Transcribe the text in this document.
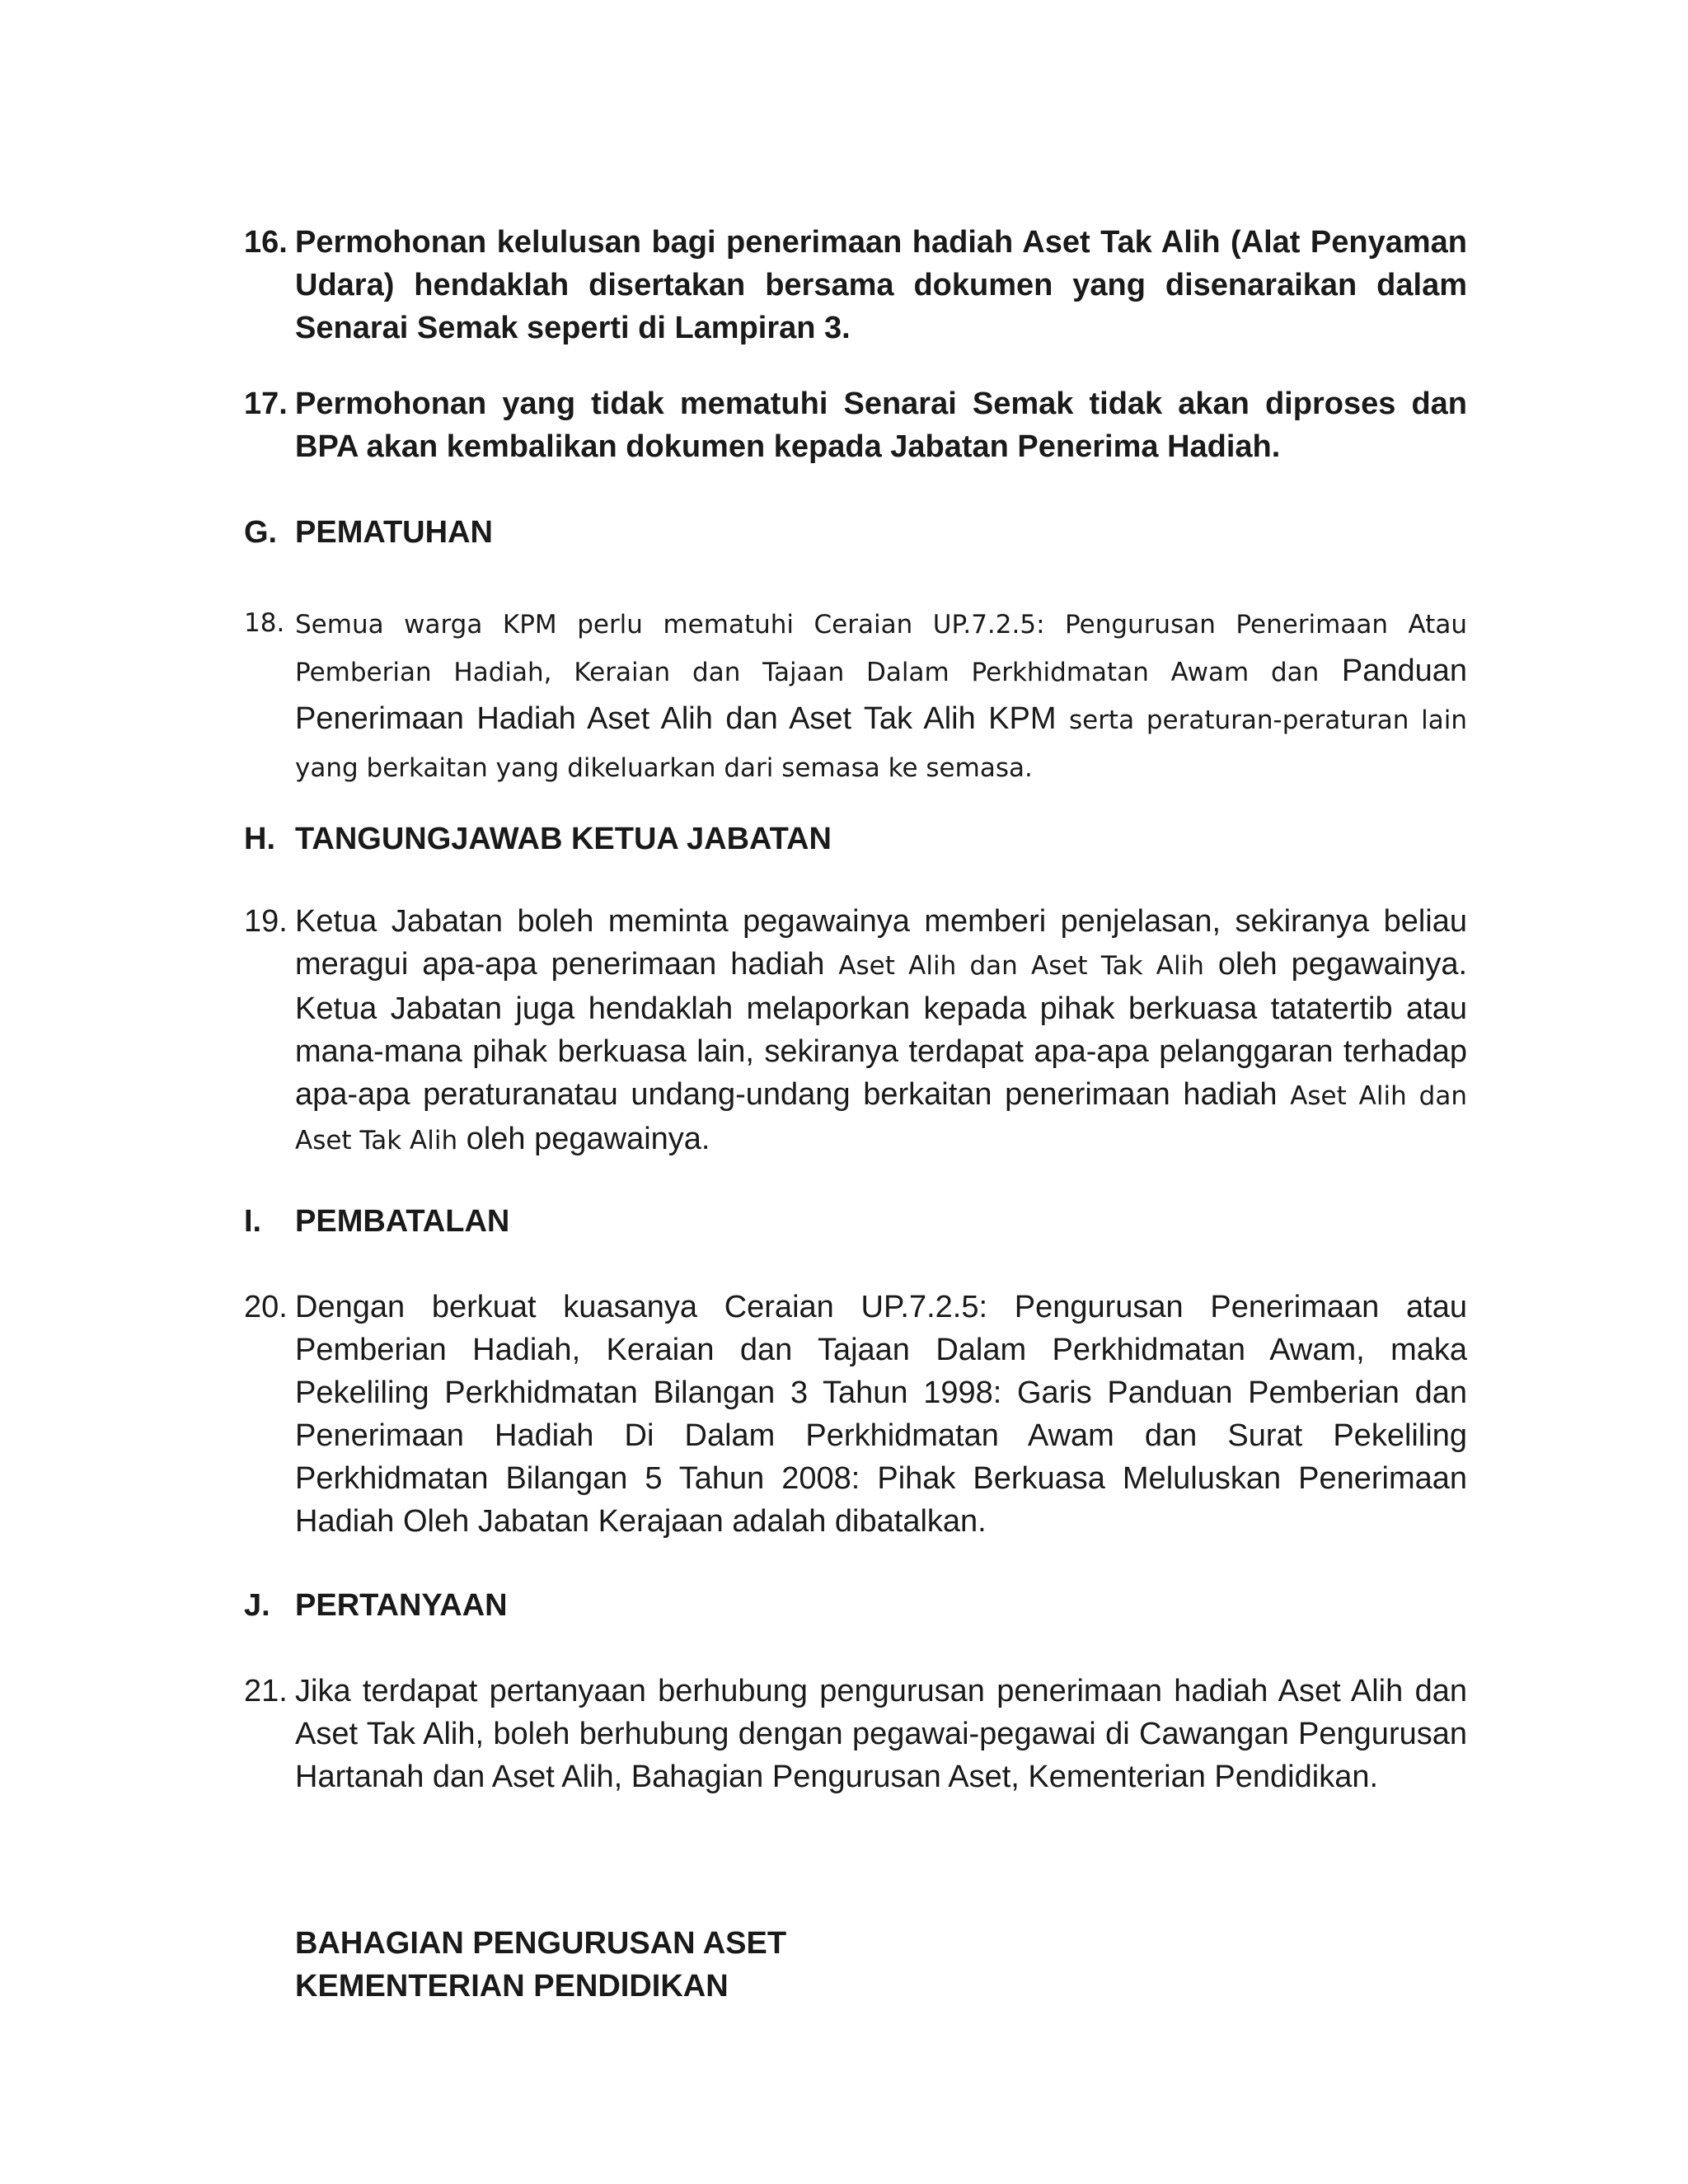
16. Permohonan kelulusan bagi penerimaan hadiah Aset Tak Alih (Alat Penyaman Udara) hendaklah disertakan bersama dokumen yang disenaraikan dalam Senarai Semak seperti di Lampiran 3.
17. Permohonan yang tidak mematuhi Senarai Semak tidak akan diproses dan BPA akan kembalikan dokumen kepada Jabatan Penerima Hadiah.
G. PEMATUHAN
18. Semua warga KPM perlu mematuhi Ceraian UP.7.2.5: Pengurusan Penerimaan Atau Pemberian Hadiah, Keraian dan Tajaan Dalam Perkhidmatan Awam dan Panduan Penerimaan Hadiah Aset Alih dan Aset Tak Alih KPM serta peraturan-peraturan lain yang berkaitan yang dikeluarkan dari semasa ke semasa.
H. TANGUNGJAWAB KETUA JABATAN
19. Ketua Jabatan boleh meminta pegawainya memberi penjelasan, sekiranya beliau meragui apa-apa penerimaan hadiah Aset Alih dan Aset Tak Alih oleh pegawainya. Ketua Jabatan juga hendaklah melaporkan kepada pihak berkuasa tatatertib atau mana-mana pihak berkuasa lain, sekiranya terdapat apa-apa pelanggaran terhadap apa-apa peraturanatau undang-undang berkaitan penerimaan hadiah Aset Alih dan Aset Tak Alih oleh pegawainya.
I. PEMBATALAN
20. Dengan berkuat kuasanya Ceraian UP.7.2.5: Pengurusan Penerimaan atau Pemberian Hadiah, Keraian dan Tajaan Dalam Perkhidmatan Awam, maka Pekeliling Perkhidmatan Bilangan 3 Tahun 1998: Garis Panduan Pemberian dan Penerimaan Hadiah Di Dalam Perkhidmatan Awam dan Surat Pekeliling Perkhidmatan Bilangan 5 Tahun 2008: Pihak Berkuasa Meluluskan Penerimaan Hadiah Oleh Jabatan Kerajaan adalah dibatalkan.
J. PERTANYAAN
21. Jika terdapat pertanyaan berhubung pengurusan penerimaan hadiah Aset Alih dan Aset Tak Alih, boleh berhubung dengan pegawai-pegawai di Cawangan Pengurusan Hartanah dan Aset Alih, Bahagian Pengurusan Aset, Kementerian Pendidikan.
BAHAGIAN PENGURUSAN ASET
KEMENTERIAN PENDIDIKAN
